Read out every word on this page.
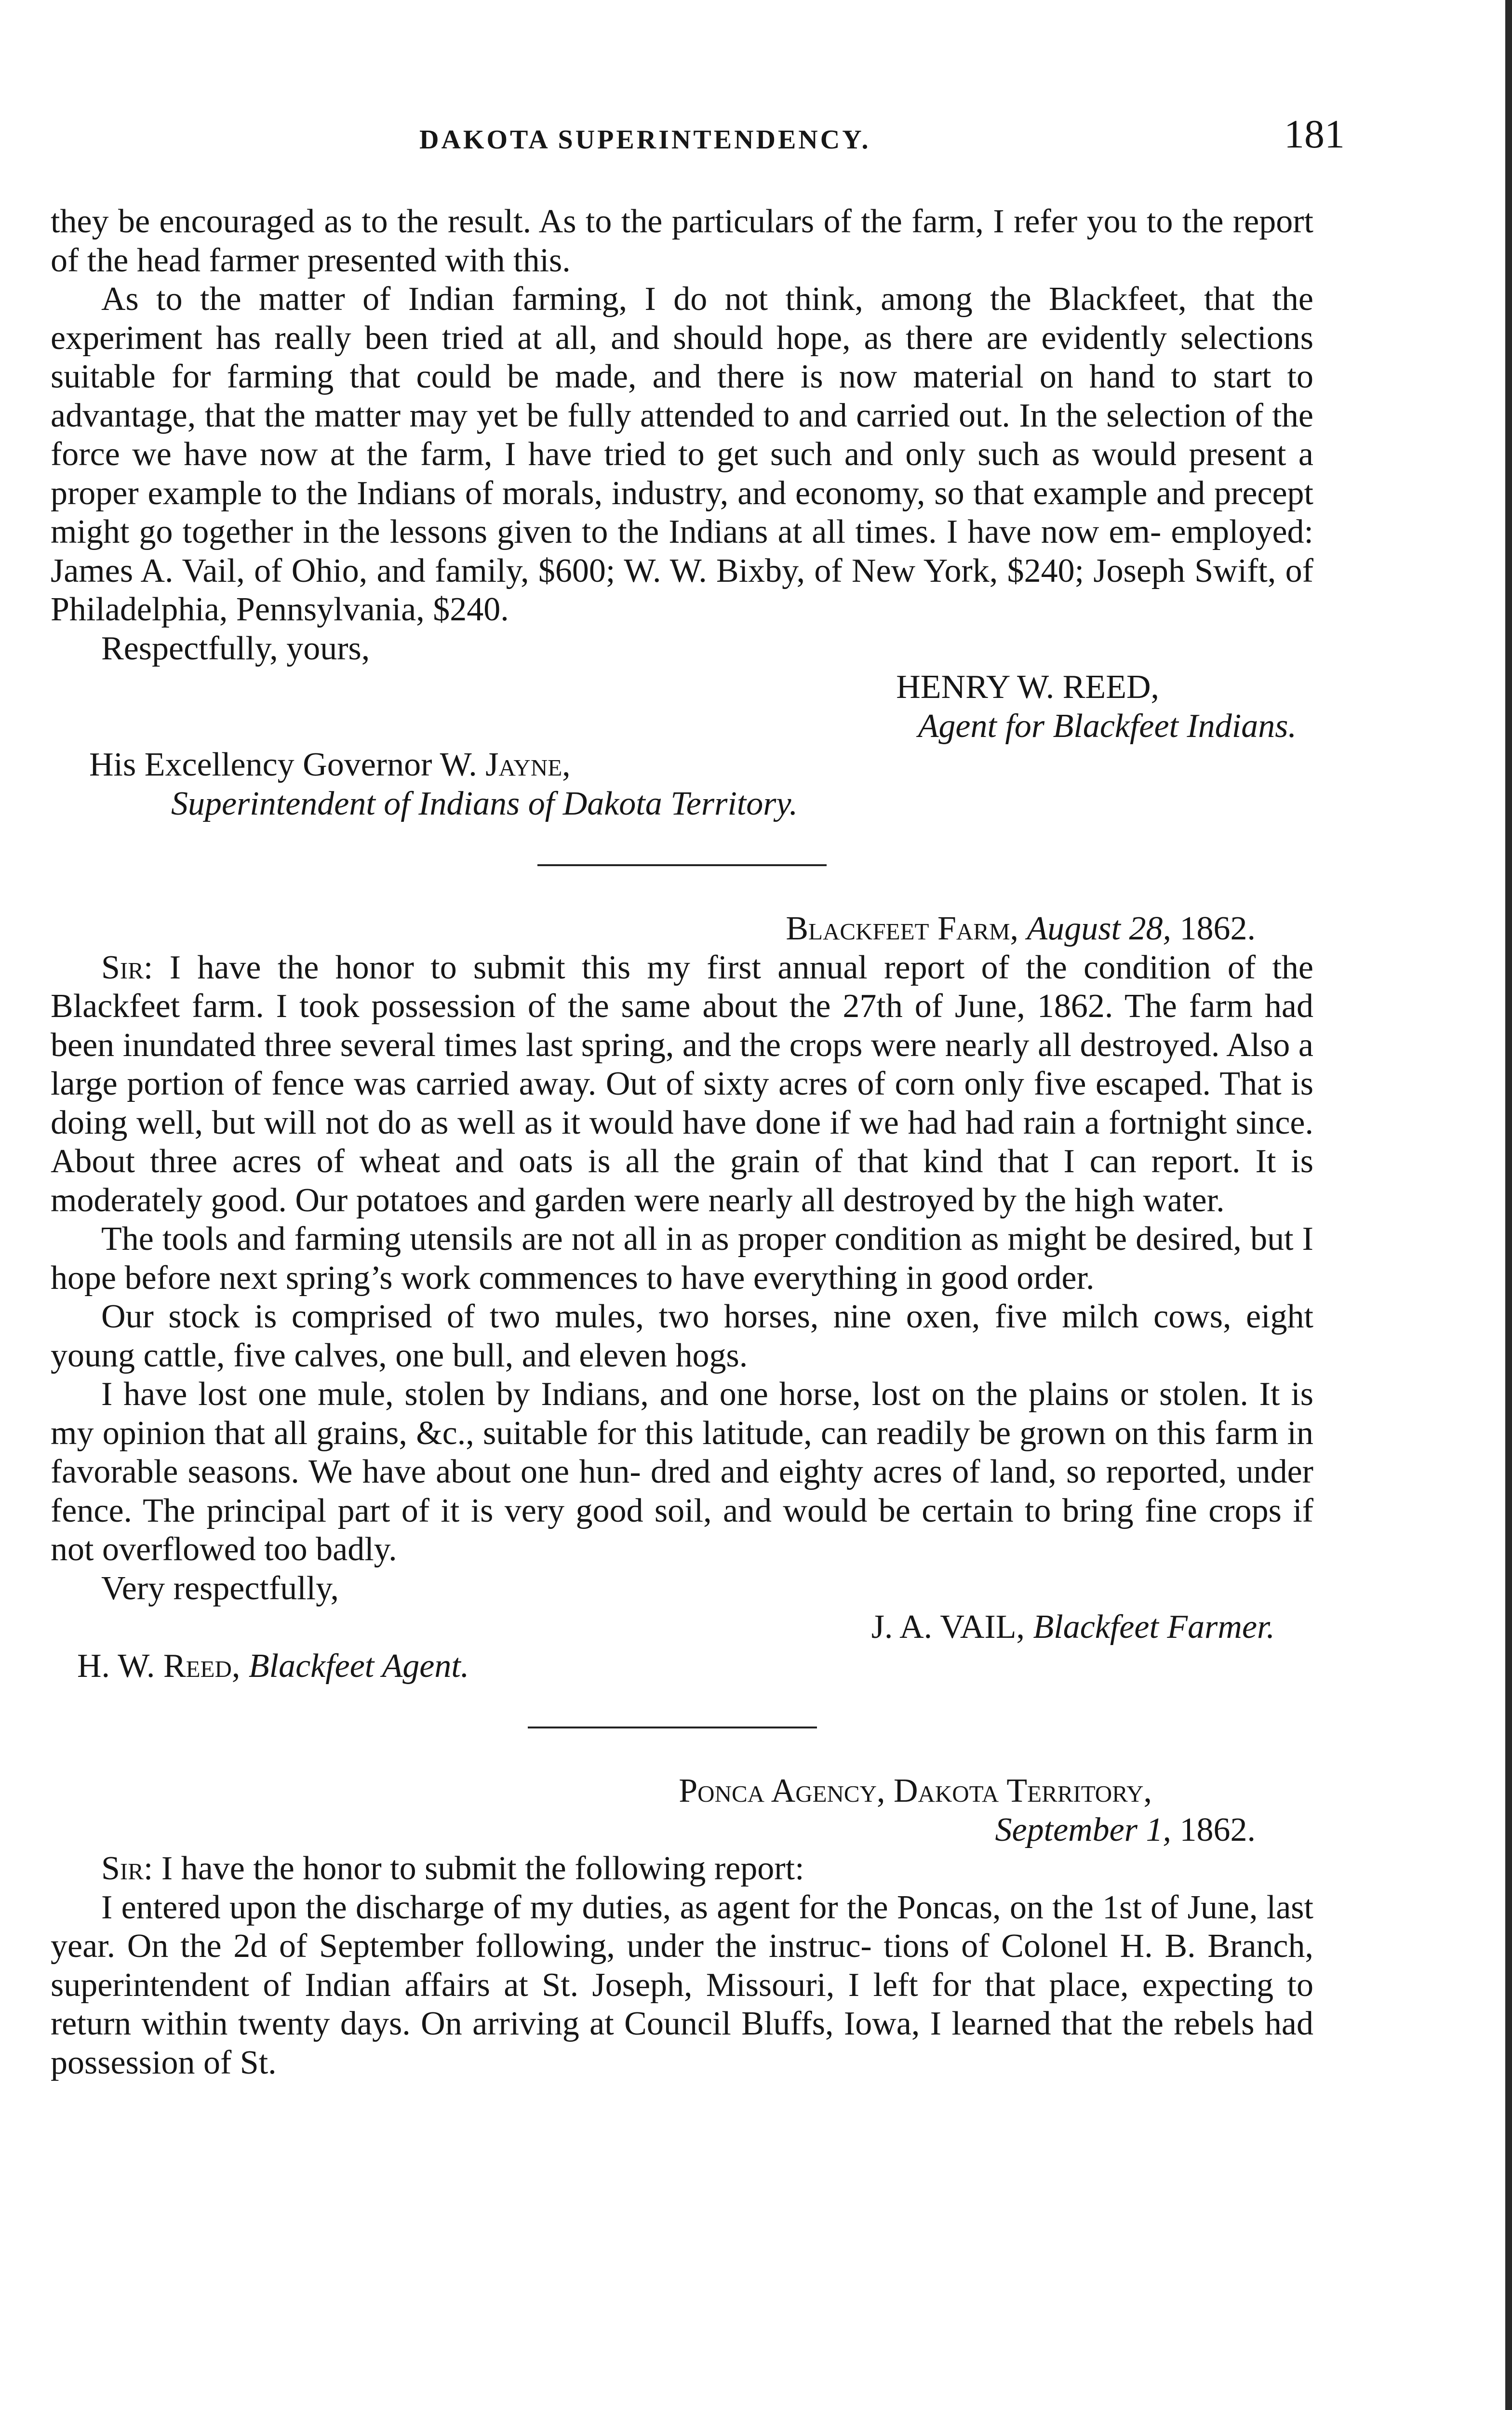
DAKOTA SUPERINTENDENCY.	181

they be encouraged as to the result. As to the particulars of the farm, I refer you to the report of the head farmer presented with this.

As to the matter of Indian farming, I do not think, among the Blackfeet, that the experiment has really been tried at all, and should hope, as there are evidently selections suitable for farming that could be made, and there is now material on hand to start to advantage, that the matter may yet be fully attended to and carried out. In the selection of the force we have now at the farm, I have tried to get such and only such as would present a proper example to the Indians of morals, industry, and economy, so that example and precept might go together in the lessons given to the Indians at all times. I have now em- employed: James A. Vail, of Ohio, and family, $600; W. W. Bixby, of New York, $240; Joseph Swift, of Philadelphia, Pennsylvania, $240.

Respectfully, yours,

HENRY W. REED,
Agent for Blackfeet Indians.
His Excellency Governor W. Jayne,
Superintendent of Indians of Dakota Territory.
Blackfeet Farm, August 28, 1862.

Sir: I have the honor to submit this my first annual report of the condition of the Blackfeet farm. I took possession of the same about the 27th of June, 1862. The farm had been inundated three several times last spring, and the crops were nearly all destroyed. Also a large portion of fence was carried away. Out of sixty acres of corn only five escaped. That is doing well, but will not do as well as it would have done if we had had rain a fortnight since. About three acres of wheat and oats is all the grain of that kind that I can report. It is moderately good. Our potatoes and garden were nearly all destroyed by the high water.

The tools and farming utensils are not all in as proper condition as might be desired, but I hope before next spring’s work commences to have everything in good order.

Our stock is comprised of two mules, two horses, nine oxen, five milch cows, eight young cattle, five calves, one bull, and eleven hogs.

I have lost one mule, stolen by Indians, and one horse, lost on the plains or stolen. It is my opinion that all grains, &c., suitable for this latitude, can readily be grown on this farm in favorable seasons. We have about one hun- dred and eighty acres of land, so reported, under fence. The principal part of it is very good soil, and would be certain to bring fine crops if not overflowed too badly.

Very respectfully,

J. A. VAIL, Blackfeet Farmer.
H. W. Reed, Blackfeet Agent.
Ponca Agency, Dakota Territory,
September 1, 1862.

Sir: I have the honor to submit the following report:

I entered upon the discharge of my duties, as agent for the Poncas, on the 1st of June, last year. On the 2d of September following, under the instruc- tions of Colonel H. B. Branch, superintendent of Indian affairs at St. Joseph, Missouri, I left for that place, expecting to return within twenty days. On arriving at Council Bluffs, Iowa, I learned that the rebels had possession of St.
